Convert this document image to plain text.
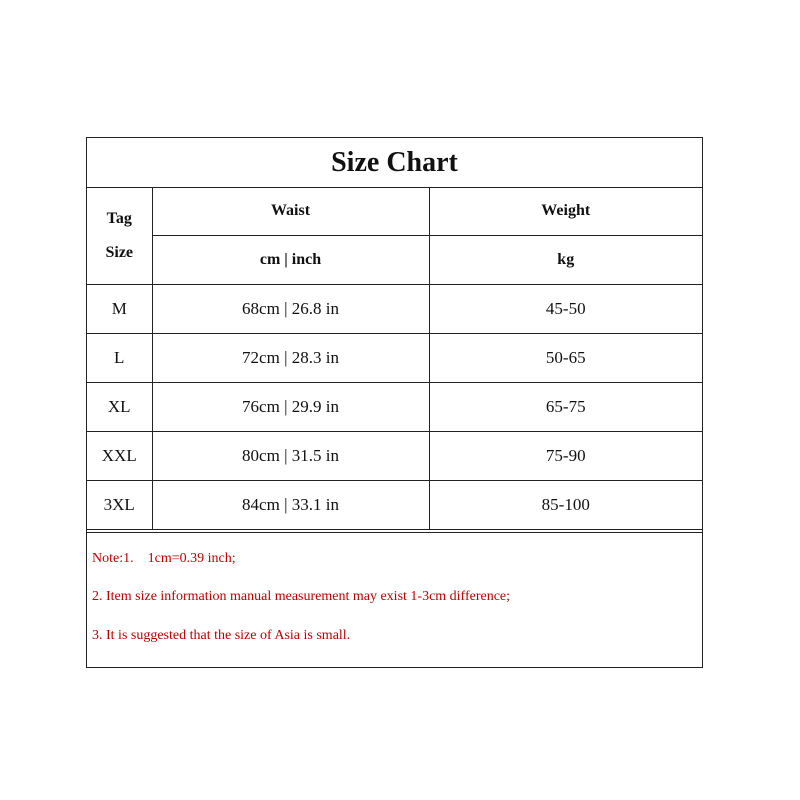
Size Chart
Tag
Size	Waist	Weight
	cm | inch	kg
M	68cm | 26.8 in	45-50
L	72cm | 28.3 in	50-65
XL	76cm | 29.9 in	65-75
XXL	80cm | 31.5 in	75-90
3XL	84cm | 33.1 in	85-100
Note:1. 1cm=0.39 inch;
2. Item size information manual measurement may exist 1-3cm difference;
3. It is suggested that the size of Asia is small.
